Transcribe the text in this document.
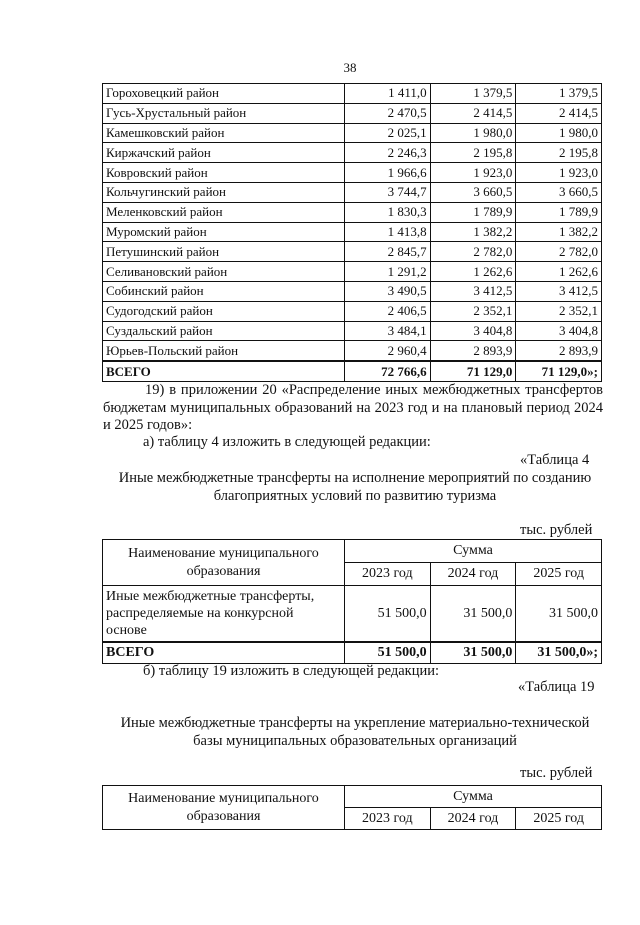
38
Гороховецкий район	1 411,0	1 379,5	1 379,5
Гусь-Хрустальный район	2 470,5	2 414,5	2 414,5
Камешковский район	2 025,1	1 980,0	1 980,0
Киржачский район	2 246,3	2 195,8	2 195,8
Ковровский район	1 966,6	1 923,0	1 923,0
Кольчугинский район	3 744,7	3 660,5	3 660,5
Меленковский район	1 830,3	1 789,9	1 789,9
Муромский район	1 413,8	1 382,2	1 382,2
Петушинский район	2 845,7	2 782,0	2 782,0
Селивановский район	1 291,2	1 262,6	1 262,6
Собинский район	3 490,5	3 412,5	3 412,5
Судогодский район	2 406,5	2 352,1	2 352,1
Суздальский район	3 484,1	3 404,8	3 404,8
Юрьев-Польский район	2 960,4	2 893,9	2 893,9
ВСЕГО	72 766,6	71 129,0	71 129,0»;
19) в приложении 20 «Распределение иных межбюджетных трансфертов бюджетам муниципальных образований на 2023 год и на плановый период 2024 и 2025 годов»:
а) таблицу 4 изложить в следующей редакции:
«Таблица 4
Иные межбюджетные трансферты на исполнение мероприятий по созданию
благоприятных условий по развитию туризма
тыс. рублей
Наименование муниципального
образования	Сумма		
	2023 год	2024 год	2025 год

Иные межбюджетные трансферты,
распределяемые на конкурсной
основе	51 500,0	31 500,0	31 500,0
ВСЕГО	51 500,0	31 500,0	31 500,0»;
б) таблицу 19 изложить в следующей редакции:
«Таблица 19
Иные межбюджетные трансферты на укрепление материально-технической
базы муниципальных образовательных организаций
тыс. рублей
Наименование муниципального
образования	Сумма		
	2023 год	2024 год	2025 год
